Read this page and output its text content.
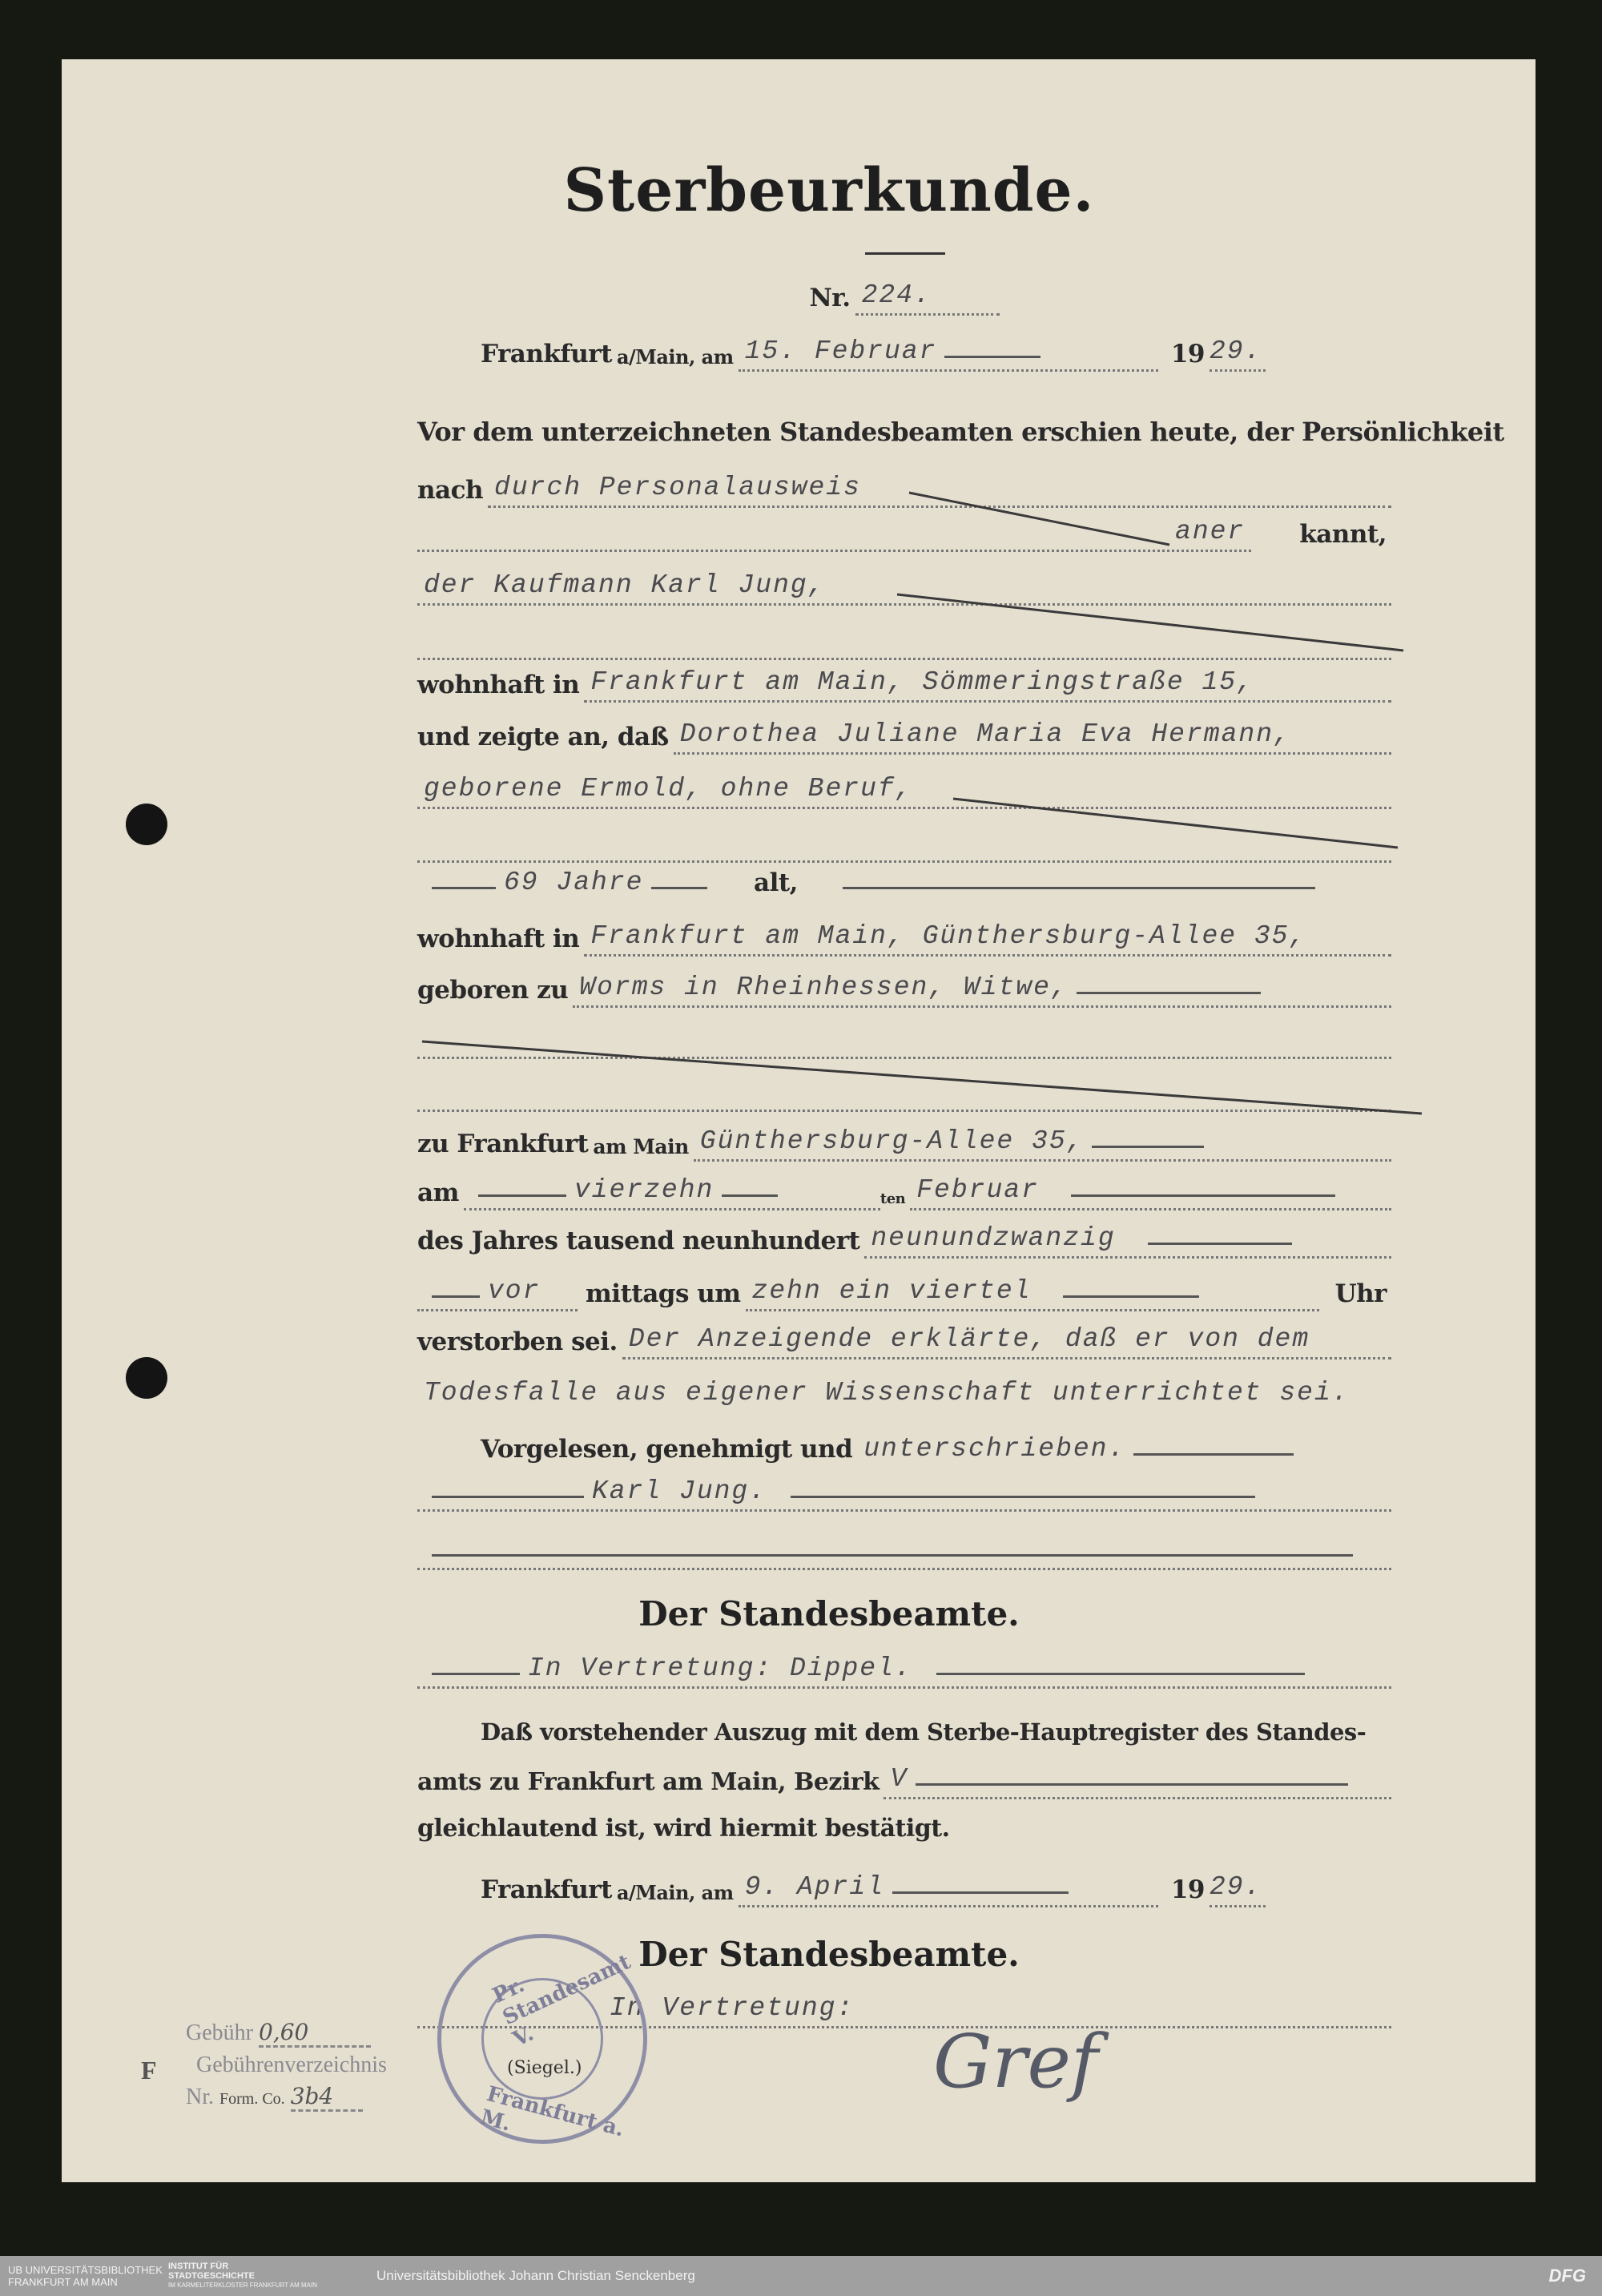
Sterbeurkunde.
Nr. 224.
Frankfurt a/Main, am 15. Februar	19 29.
Vor dem unterzeichneten Standesbeamten erschien heute, der Persönlichkeit
nach durch Personalausweis
aner	kannt,
der Kaufmann Karl Jung,
wohnhaft in Frankfurt am Main, Sömmeringstraße 15,
und zeigte an, daß Dorothea Juliane Maria Eva Hermann,
geborene Ermold, ohne Beruf,
69 Jahre	alt,
wohnhaft in Frankfurt am Main, Günthersburg-Allee 35,
geboren zu Worms in Rheinhessen, Witwe,
zu Frankfurt am Main Günthersburg-Allee 35,
am	vierzehn	ten Februar
des Jahres tausend neunhundert neunundzwanzig
vor	mittags um zehn ein viertel	Uhr
verstorben sei. Der Anzeigende erklärte, daß er von dem
Todesfalle aus eigener Wissenschaft unterrichtet sei.
Vorgelesen, genehmigt und unterschrieben.
Karl Jung.
Der Standesbeamte.
In Vertretung: Dippel.
Daß vorstehender Auszug mit dem Sterbe-Hauptregister des Standes-
amts zu Frankfurt am Main, Bezirk V
gleichlautend ist, wird hiermit bestätigt.
Frankfurt a/Main, am 9. April	19 29.
Der Standesbeamte.
In Vertretung:
Gref
Pr. Standesamt V.
Frankfurt a. M.
(Siegel.)
F
Gebühr 0,60
Gebührenverzeichnis
Nr. Form. Co. 3b4
UB UNIVERSITÄTSBIBLIOTHEK FRANKFURT AM MAIN
INSTITUT FÜR
STADTGESCHICHTE
IM KARMELITERKLOSTER FRANKFURT AM MAIN
Universitätsbibliothek Johann Christian Senckenberg	DFG
